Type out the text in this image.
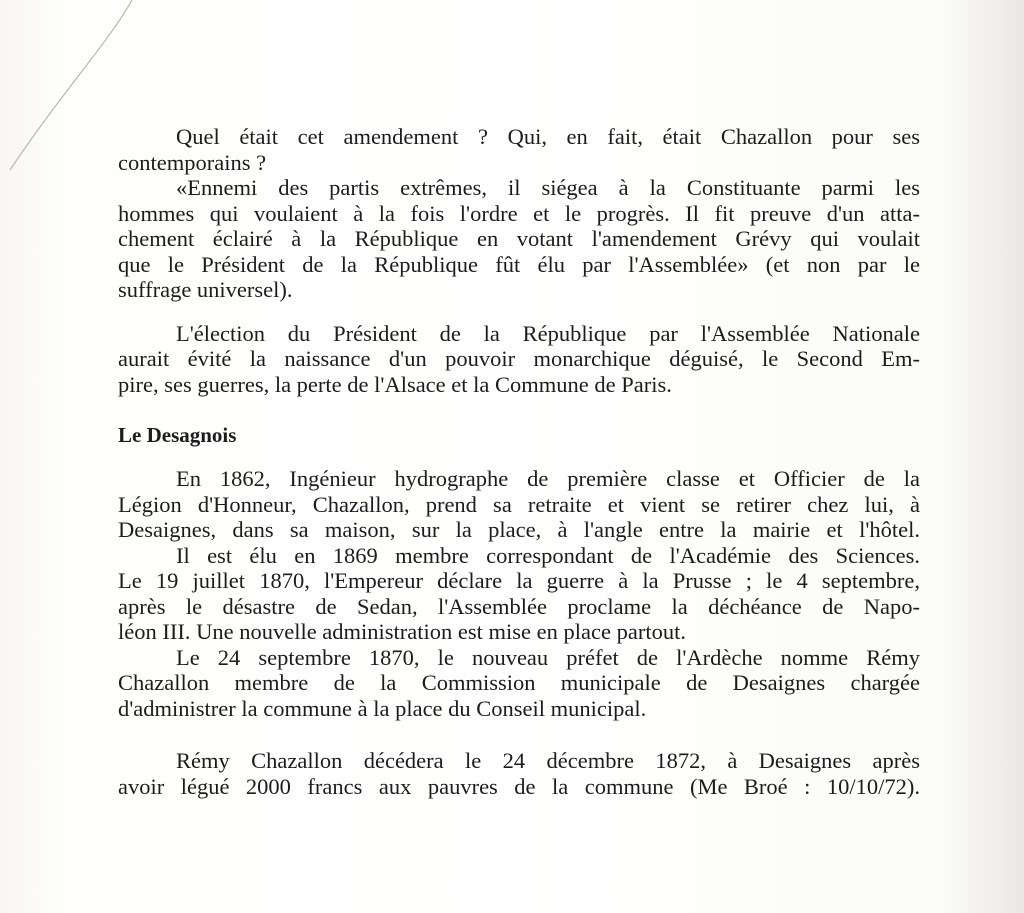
Quel était cet amendement ? Qui, en fait, était Chazallon pour ses
contemporains ?
«Ennemi des partis extrêmes, il siégea à la Constituante parmi les
hommes qui voulaient à la fois l'ordre et le progrès. Il fit preuve d'un atta-
chement éclairé à la République en votant l'amendement Grévy qui voulait
que le Président de la République fût élu par l'Assemblée» (et non par le
suffrage universel).
L'élection du Président de la République par l'Assemblée Nationale
aurait évité la naissance d'un pouvoir monarchique déguisé, le Second Em-
pire, ses guerres, la perte de l'Alsace et la Commune de Paris.
Le Desagnois
En 1862, Ingénieur hydrographe de première classe et Officier de la
Légion d'Honneur, Chazallon, prend sa retraite et vient se retirer chez lui, à
Desaignes, dans sa maison, sur la place, à l'angle entre la mairie et l'hôtel.
Il est élu en 1869 membre correspondant de l'Académie des Sciences.
Le 19 juillet 1870, l'Empereur déclare la guerre à la Prusse ; le 4 septembre,
après le désastre de Sedan, l'Assemblée proclame la déchéance de Napo-
léon III. Une nouvelle administration est mise en place partout.
Le 24 septembre 1870, le nouveau préfet de l'Ardèche nomme Rémy
Chazallon membre de la Commission municipale de Desaignes chargée
d'administrer la commune à la place du Conseil municipal.
Rémy Chazallon décédera le 24 décembre 1872, à Desaignes après
avoir légué 2000 francs aux pauvres de la commune (Me Broé : 10/10/72).
